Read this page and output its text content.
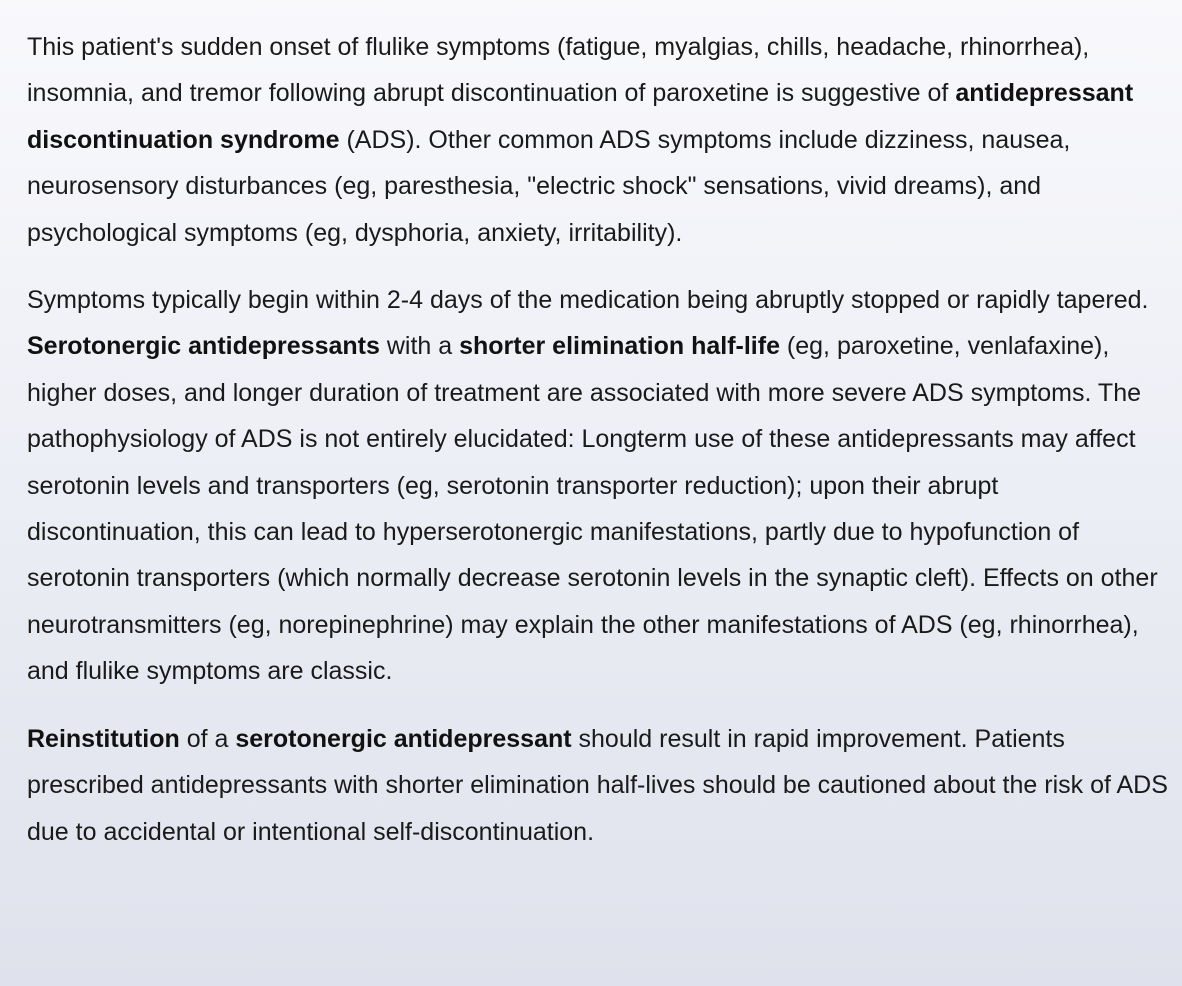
This patient's sudden onset of flulike symptoms (fatigue, myalgias, chills, headache, rhinorrhea), insomnia, and tremor following abrupt discontinuation of paroxetine is suggestive of antidepressant discontinuation syndrome (ADS). Other common ADS symptoms include dizziness, nausea, neurosensory disturbances (eg, paresthesia, "electric shock" sensations, vivid dreams), and psychological symptoms (eg, dysphoria, anxiety, irritability).

Symptoms typically begin within 2-4 days of the medication being abruptly stopped or rapidly tapered. Serotonergic antidepressants with a shorter elimination half-life (eg, paroxetine, venlafaxine), higher doses, and longer duration of treatment are associated with more severe ADS symptoms. The pathophysiology of ADS is not entirely elucidated: Longterm use of these antidepressants may affect serotonin levels and transporters (eg, serotonin transporter reduction); upon their abrupt discontinuation, this can lead to hyperserotonergic manifestations, partly due to hypofunction of serotonin transporters (which normally decrease serotonin levels in the synaptic cleft). Effects on other neurotransmitters (eg, norepinephrine) may explain the other manifestations of ADS (eg, rhinorrhea), and flulike symptoms are classic.

Reinstitution of a serotonergic antidepressant should result in rapid improvement. Patients prescribed antidepressants with shorter elimination half-lives should be cautioned about the risk of ADS due to accidental or intentional self-discontinuation.
